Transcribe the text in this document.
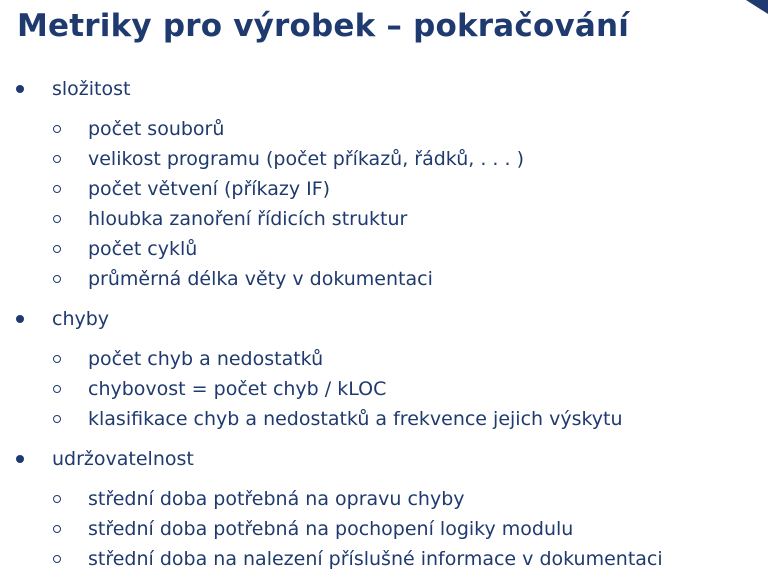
Metriky pro výrobek – pokračování
složitost
počet souborů
velikost programu (počet příkazů, řádků, . . . )
počet větvení (příkazy IF)
hloubka zanoření řídicích struktur
počet cyklů
průměrná délka věty v dokumentaci
chyby
počet chyb a nedostatků
chybovost = počet chyb / kLOC
klasifikace chyb a nedostatků a frekvence jejich výskytu
udržovatelnost
střední doba potřebná na opravu chyby
střední doba potřebná na pochopení logiky modulu
střední doba na nalezení příslušné informace v dokumentaci
